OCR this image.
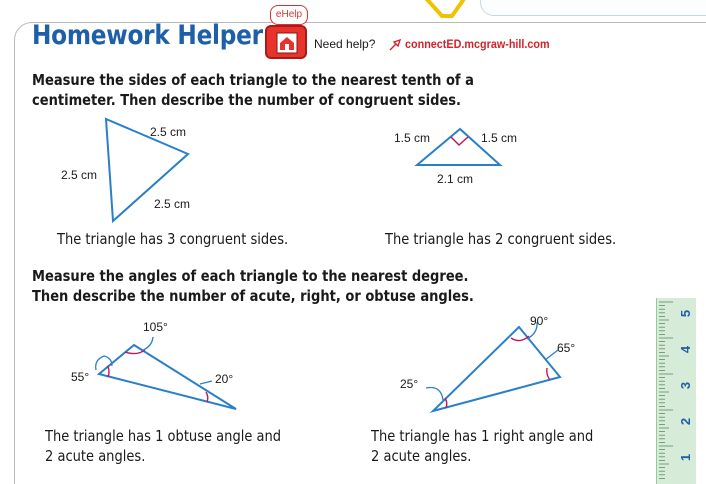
Homework Helper
eHelp
Need help? connectED.mcgraw-hill.com
Measure the sides of each triangle to the nearest tenth of a
centimeter. Then describe the number of congruent sides.
2.5 cm
2.5 cm
2.5 cm
1.5 cm	1.5 cm
2.1 cm
105°
55°	20°
90°
65°
25°
The triangle has 3 congruent sides.	The triangle has 2 congruent sides.
Measure the angles of each triangle to the nearest degree.
Then describe the number of acute, right, or obtuse angles.
The triangle has 1 obtuse angle and
2 acute angles.
The triangle has 1 right angle and
2 acute angles.
5
4
3
2
1
